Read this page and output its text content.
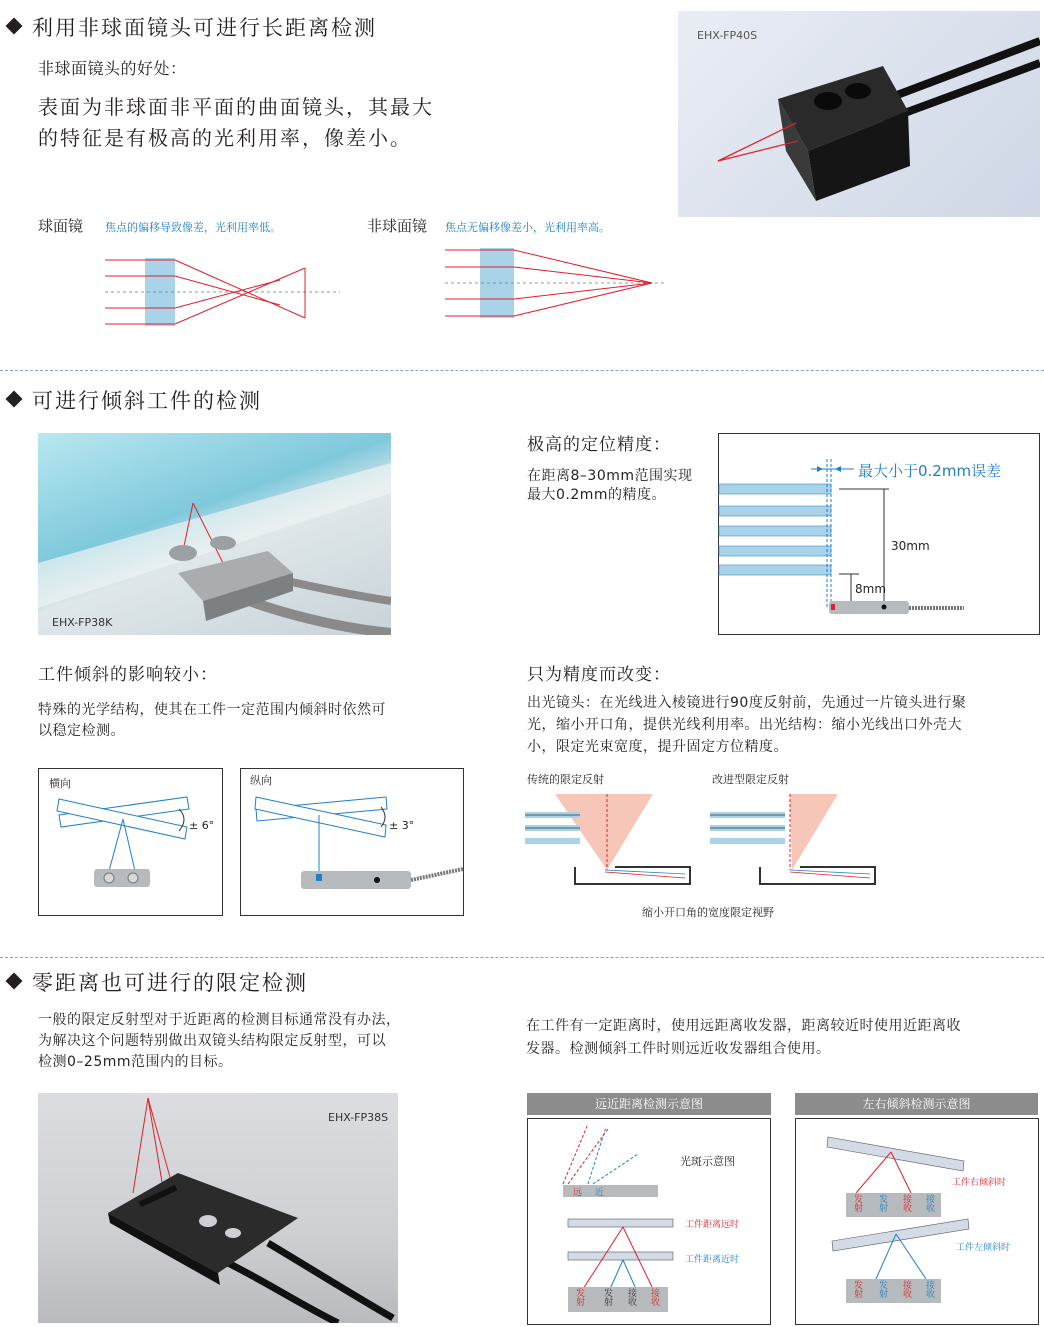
利用非球面镜头可进行长距离检测
非球面镜头的好处：
表面为非球面非平面的曲面镜头，其最大
的特征是有极高的光利用率，像差小。
EHX-FP40S
球面镜 焦点的偏移导致像差，光利用率低。	非球面镜 焦点无偏移像差小，光利用率高。
可进行倾斜工件的检测
EHX-FP38K
极高的定位精度：
在距离8–30mm范围实现
最大0.2mm的精度。
最大小于0.2mm误差
30mm
8mm
工件倾斜的影响较小：
特殊的光学结构，使其在工件一定范围内倾斜时依然可
以稳定检测。
横向
± 6°
纵向
± 3°
只为精度而改变：
出光镜头：在光线进入棱镜进行90度反射前，先通过一片镜头进行聚
光，缩小开口角，提供光线利用率。出光结构：缩小光线出口外壳大
小，限定光束宽度，提升固定方位精度。
传统的限定反射	改进型限定反射
缩小开口角的宽度限定视野
零距离也可进行的限定检测
一般的限定反射型对于近距离的检测目标通常没有办法，
为解决这个问题特别做出双镜头结构限定反射型，可以
检测0–25mm范围内的目标。
在工件有一定距离时，使用远距离收发器，距离较近时使用近距离收
发器。检测倾斜工件时则远近收发器组合使用。
EHX-FP38S
远近距离检测示意图
光斑示意图
远 近
工件距离远时
工件距离近时
发射
发射
接收
接收
左右倾斜检测示意图
工件右倾斜时
工件左倾斜时
发射
发射
接收
接收
发射
发射
接收
接收
